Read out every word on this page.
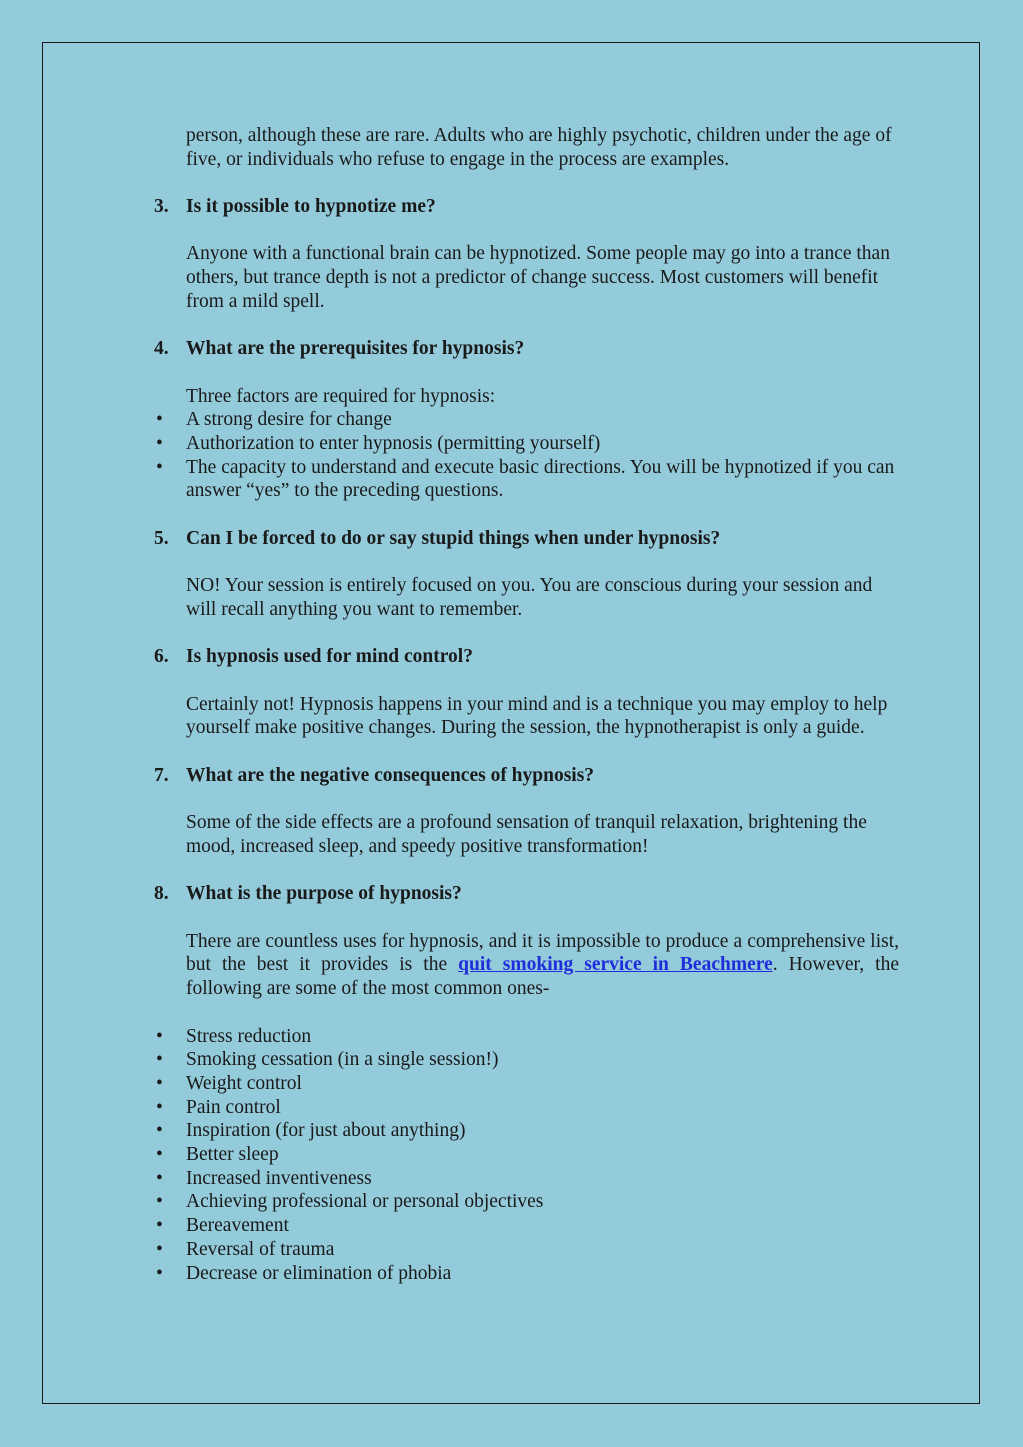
person, although these are rare. Adults who are highly psychotic, children under the age of five, or individuals who refuse to engage in the process are examples.

3. Is it possible to hypnotize me?

Anyone with a functional brain can be hypnotized. Some people may go into a trance than others, but trance depth is not a predictor of change success. Most customers will benefit from a mild spell.

4. What are the prerequisites for hypnosis?

Three factors are required for hypnosis:

•
A strong desire for change
•
Authorization to enter hypnosis (permitting yourself)
•
The capacity to understand and execute basic directions. You will be hypnotized if you can answer “yes” to the preceding questions.
5. Can I be forced to do or say stupid things when under hypnosis?

NO! Your session is entirely focused on you. You are conscious during your session and will recall anything you want to remember.

6. Is hypnosis used for mind control?

Certainly not! Hypnosis happens in your mind and is a technique you may employ to help yourself make positive changes. During the session, the hypnotherapist is only a guide.

7. What are the negative consequences of hypnosis?

Some of the side effects are a profound sensation of tranquil relaxation, brightening the mood, increased sleep, and speedy positive transformation!

8. What is the purpose of hypnosis?

There are countless uses for hypnosis, and it is impossible to produce a comprehensive list, but the best it provides is the quit smoking service in Beachmere. However, the following are some of the most common ones-

•
Stress reduction
•
Smoking cessation (in a single session!)
•
Weight control
•
Pain control
•
Inspiration (for just about anything)
•
Better sleep
•
Increased inventiveness
•
Achieving professional or personal objectives
•
Bereavement
•
Reversal of trauma
•
Decrease or elimination of phobia
